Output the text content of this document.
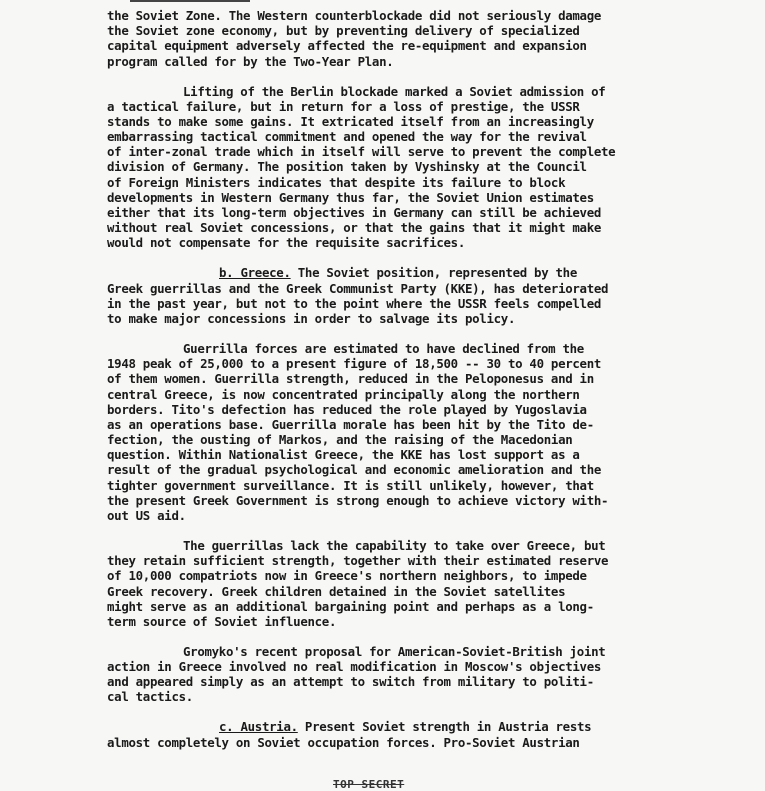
the Soviet Zone. The Western counterblockade did not seriously damage
the Soviet zone economy, but by preventing delivery of specialized
capital equipment adversely affected the re-equipment and expansion
program called for by the Two-Year Plan.
Lifting of the Berlin blockade marked a Soviet admission of
a tactical failure, but in return for a loss of prestige, the USSR
stands to make some gains. It extricated itself from an increasingly
embarrassing tactical commitment and opened the way for the revival
of inter-zonal trade which in itself will serve to prevent the complete
division of Germany. The position taken by Vyshinsky at the Council
of Foreign Ministers indicates that despite its failure to block
developments in Western Germany thus far, the Soviet Union estimates
either that its long-term objectives in Germany can still be achieved
without real Soviet concessions, or that the gains that it might make
would not compensate for the requisite sacrifices.
b. Greece. The Soviet position, represented by the
Greek guerrillas and the Greek Communist Party (KKE), has deteriorated
in the past year, but not to the point where the USSR feels compelled
to make major concessions in order to salvage its policy.
Guerrilla forces are estimated to have declined from the
1948 peak of 25,000 to a present figure of 18,500 -- 30 to 40 percent
of them women. Guerrilla strength, reduced in the Peloponesus and in
central Greece, is now concentrated principally along the northern
borders. Tito's defection has reduced the role played by Yugoslavia
as an operations base. Guerrilla morale has been hit by the Tito de-
fection, the ousting of Markos, and the raising of the Macedonian
question. Within Nationalist Greece, the KKE has lost support as a
result of the gradual psychological and economic amelioration and the
tighter government surveillance. It is still unlikely, however, that
the present Greek Government is strong enough to achieve victory with-
out US aid.
The guerrillas lack the capability to take over Greece, but
they retain sufficient strength, together with their estimated reserve
of 10,000 compatriots now in Greece's northern neighbors, to impede
Greek recovery. Greek children detained in the Soviet satellites
might serve as an additional bargaining point and perhaps as a long-
term source of Soviet influence.
Gromyko's recent proposal for American-Soviet-British joint
action in Greece involved no real modification in Moscow's objectives
and appeared simply as an attempt to switch from military to politi-
cal tactics.
c. Austria. Present Soviet strength in Austria rests
almost completely on Soviet occupation forces. Pro-Soviet Austrian
TOP SECRET
